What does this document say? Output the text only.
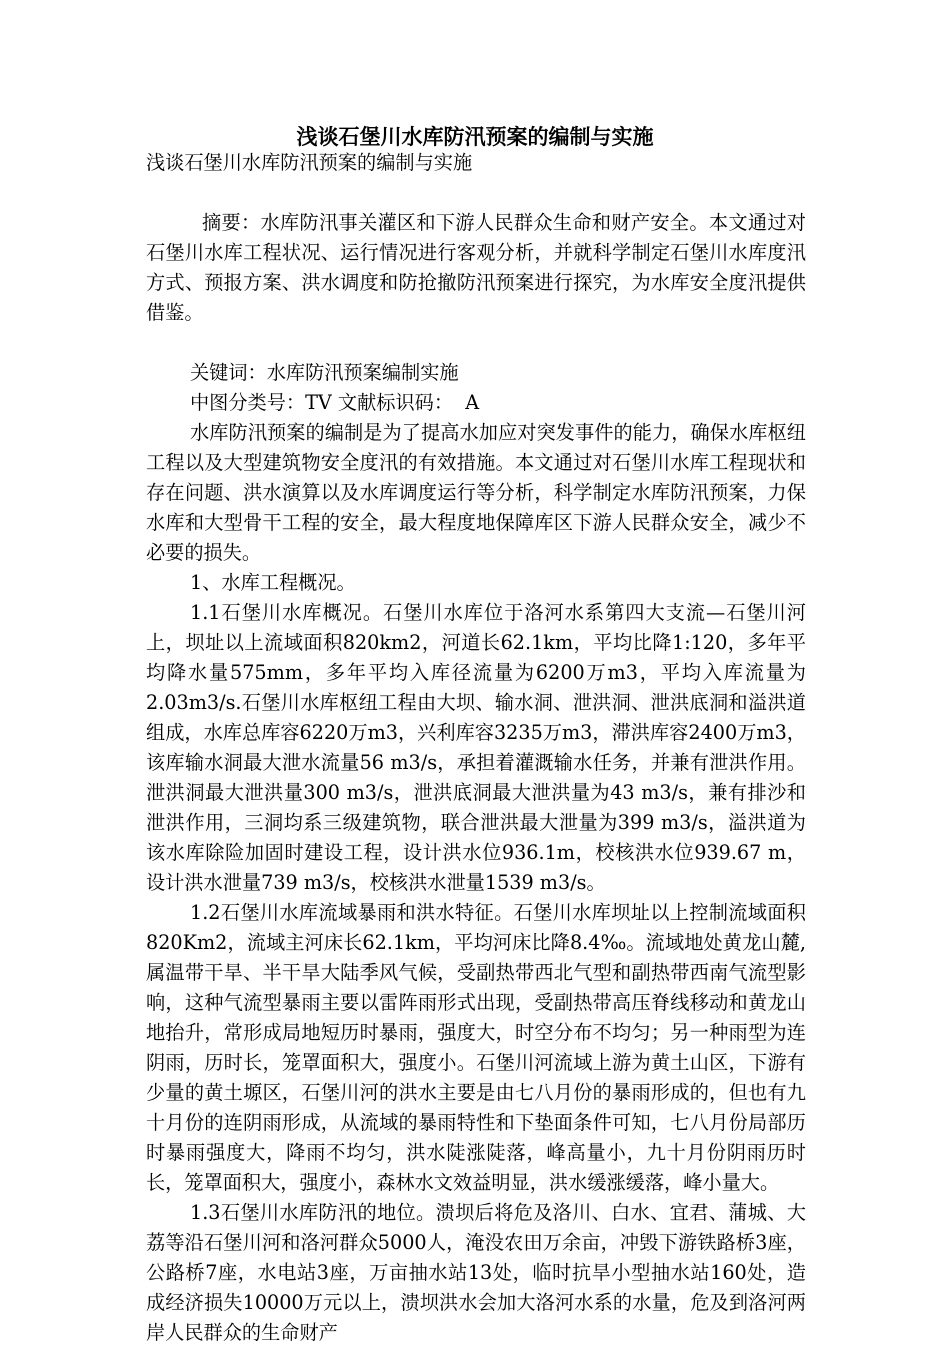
浅谈石堡川水库防汛预案的编制与实施

浅谈石堡川水库防汛预案的编制与实施

摘要：水库防汛事关灌区和下游人民群众生命和财产安全。本文通过对石堡川水库工程状况、运行情况进行客观分析，并就科学制定石堡川水库度汛方式、预报方案、洪水调度和防抢撤防汛预案进行探究，为水库安全度汛提供借鉴。

关键词：水库防汛预案编制实施

中图分类号：TV 文献标识码：  A

水库防汛预案的编制是为了提高水加应对突发事件的能力，确保水库枢纽工程以及大型建筑物安全度汛的有效措施。本文通过对石堡川水库工程现状和存在问题、洪水演算以及水库调度运行等分析，科学制定水库防汛预案，力保水库和大型骨干工程的安全，最大程度地保障库区下游人民群众安全，减少不必要的损失。

1、水库工程概况。

1.1石堡川水库概况。石堡川水库位于洛河水系第四大支流—石堡川河上，坝址以上流域面积820km2，河道长62.1km，平均比降1:120，多年平均降水量575mm，多年平均入库径流量为6200万m3，平均入库流量为2.03m3/s.石堡川水库枢纽工程由大坝、输水洞、泄洪洞、泄洪底洞和溢洪道组成，水库总库容6220万m3，兴利库容3235万m3，滞洪库容2400万m3，该库输水洞最大泄水流量56 m3/s，承担着灌溉输水任务，并兼有泄洪作用。泄洪洞最大泄洪量300 m3/s，泄洪底洞最大泄洪量为43 m3/s，兼有排沙和泄洪作用，三洞均系三级建筑物，联合泄洪最大泄量为399 m3/s，溢洪道为该水库除险加固时建设工程，设计洪水位936.1m，校核洪水位939.67 m，设计洪水泄量739 m3/s，校核洪水泄量1539 m3/s。

1.2石堡川水库流域暴雨和洪水特征。石堡川水库坝址以上控制流域面积820Km2，流域主河床长62.1km，平均河床比降8.4‰。流域地处黄龙山麓,属温带干旱、半干旱大陆季风气候，受副热带西北气型和副热带西南气流型影响，这种气流型暴雨主要以雷阵雨形式出现，受副热带高压脊线移动和黄龙山地抬升，常形成局地短历时暴雨，强度大，时空分布不均匀；另一种雨型为连阴雨，历时长，笼罩面积大，强度小。石堡川河流域上游为黄土山区，下游有少量的黄土塬区，石堡川河的洪水主要是由七八月份的暴雨形成的，但也有九十月份的连阴雨形成，从流域的暴雨特性和下垫面条件可知，七八月份局部历时暴雨强度大，降雨不均匀，洪水陡涨陡落，峰高量小，九十月份阴雨历时长，笼罩面积大，强度小，森林水文效益明显，洪水缓涨缓落，峰小量大。

1.3石堡川水库防汛的地位。溃坝后将危及洛川、白水、宜君、蒲城、大荔等沿石堡川河和洛河群众5000人，淹没农田万余亩，冲毁下游铁路桥3座，公路桥7座，水电站3座，万亩抽水站13处，临时抗旱小型抽水站160处，造成经济损失10000万元以上，溃坝洪水会加大洛河水系的水量，危及到洛河两岸人民群众的生命财产
